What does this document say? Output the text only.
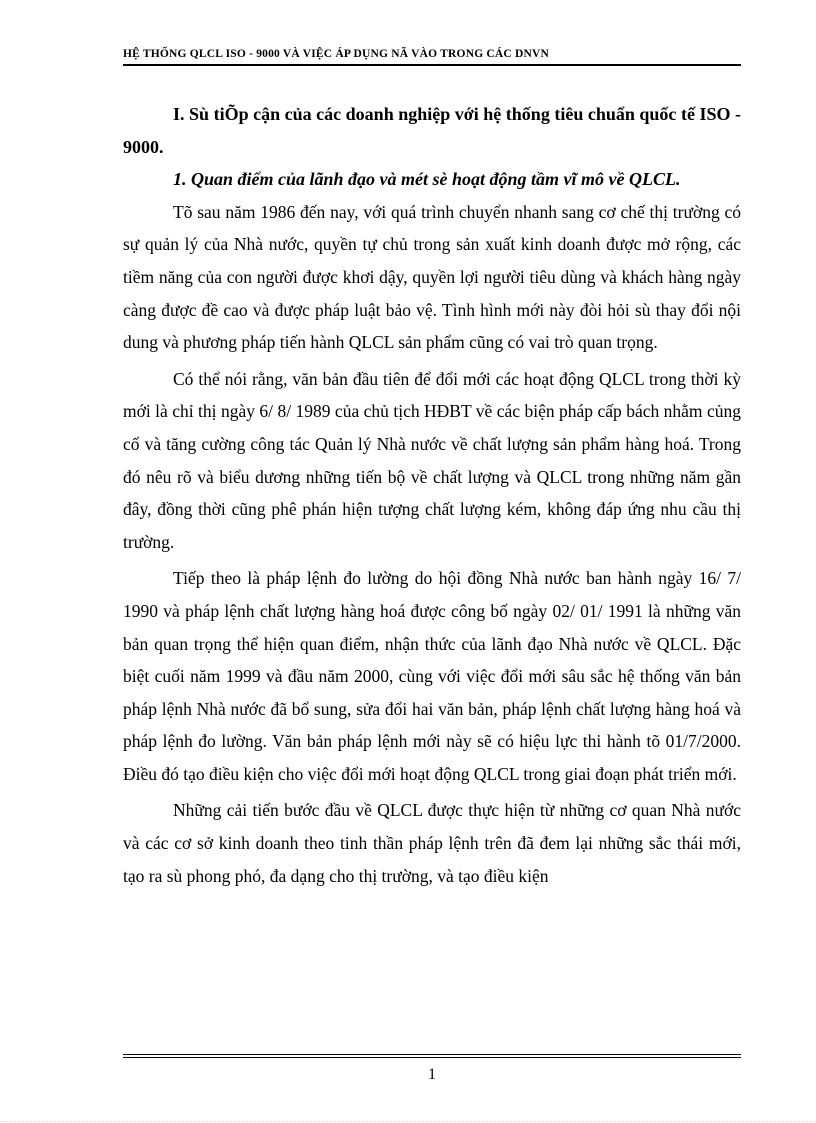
HỆ THỐNG QLCL ISO - 9000 VÀ VIỆC ÁP DỤNG NÃ VÀO TRONG CÁC DNVN

I. Sù tiÕp cận của các doanh nghiệp với hệ thống tiêu chuẩn quốc tế ISO - 9000.

1. Quan điểm của lãnh đạo và mét sè hoạt động tầm vĩ mô về QLCL.

Tõ sau năm 1986 đến nay, với quá trình chuyển nhanh sang cơ chế thị trường có sự quản lý của Nhà nước, quyền tự chủ trong sản xuất kinh doanh được mở rộng, các tiềm năng của con người được khơi dậy, quyền lợi người tiêu dùng và khách hàng ngày càng được đề cao và được pháp luật bảo vệ. Tình hình mới này đòi hỏi sù thay đổi nội dung và phương pháp tiến hành QLCL sản phẩm cũng có vai trò quan trọng.

Có thể nói rằng, văn bản đầu tiên để đổi mới các hoạt động QLCL trong thời kỳ mới là chỉ thị ngày 6/ 8/ 1989 của chủ tịch HĐBT về các biện pháp cấp bách nhằm củng cố và tăng cường công tác Quản lý Nhà nước về chất lượng sản phẩm hàng hoá. Trong đó nêu rõ và biểu dương những tiến bộ về chất lượng và QLCL trong những năm gần đây, đồng thời cũng phê phán hiện tượng chất lượng kém, không đáp ứng nhu cầu thị trường.

Tiếp theo là pháp lệnh đo lường do hội đồng Nhà nước ban hành ngày 16/ 7/ 1990 và pháp lệnh chất lượng hàng hoá được công bố ngày 02/ 01/ 1991 là những văn bản quan trọng thể hiện quan điểm, nhận thức của lãnh đạo Nhà nước về QLCL. Đặc biệt cuối năm 1999 và đầu năm 2000, cùng với việc đổi mới sâu sắc hệ thống văn bản pháp lệnh Nhà nước đã bổ sung, sửa đổi hai văn bản, pháp lệnh chất lượng hàng hoá và pháp lệnh đo lường. Văn bản pháp lệnh mới này sẽ có hiệu lực thi hành tõ 01/7/2000. Điều đó tạo điều kiện cho việc đổi mới hoạt động QLCL trong giai đoạn phát triển mới.

Những cải tiến bước đầu về QLCL được thực hiện từ những cơ quan Nhà nước và các cơ sở kinh doanh theo tinh thần pháp lệnh trên đã đem lại những sắc thái mới, tạo ra sù phong phó, đa dạng cho thị trường, và tạo điều kiện

1
